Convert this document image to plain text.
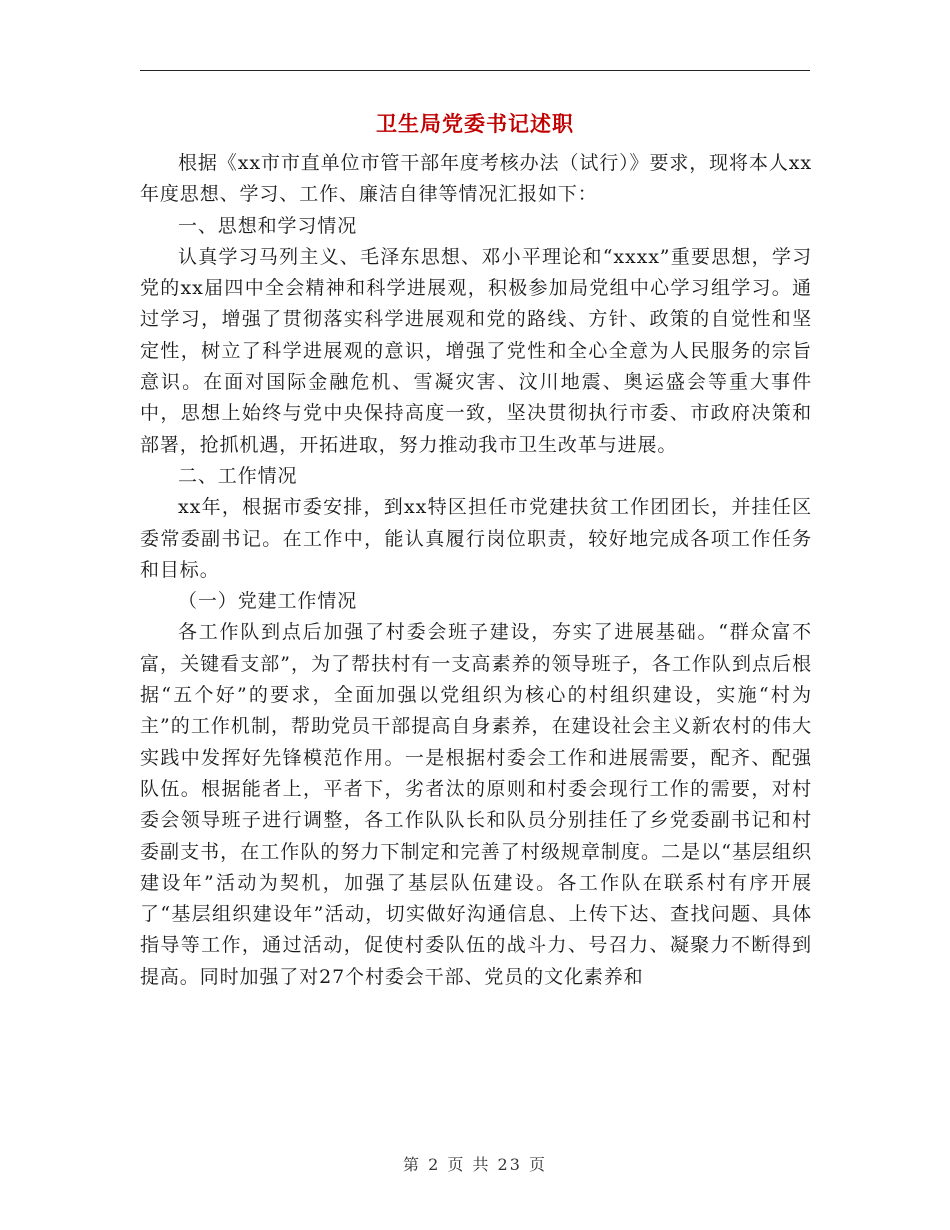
卫生局党委书记述职

根据《xx市市直单位市管干部年度考核办法（试行）》要求，现将本人xx年度思想、学习、工作、廉洁自律等情况汇报如下：

一、思想和学习情况

认真学习马列主义、毛泽东思想、邓小平理论和“xxxx”重要思想，学习党的xx届四中全会精神和科学进展观，积极参加局党组中心学习组学习。通过学习，增强了贯彻落实科学进展观和党的路线、方针、政策的自觉性和坚定性，树立了科学进展观的意识，增强了党性和全心全意为人民服务的宗旨意识。在面对国际金融危机、雪凝灾害、汶川地震、奥运盛会等重大事件中，思想上始终与党中央保持高度一致，坚决贯彻执行市委、市政府决策和部署，抢抓机遇，开拓进取，努力推动我市卫生改革与进展。

二、工作情况

xx年，根据市委安排，到xx特区担任市党建扶贫工作团团长，并挂任区委常委副书记。在工作中，能认真履行岗位职责，较好地完成各项工作任务和目标。

（一）党建工作情况

各工作队到点后加强了村委会班子建设，夯实了进展基础。“群众富不富，关键看支部”，为了帮扶村有一支高素养的领导班子，各工作队到点后根据“五个好”的要求，全面加强以党组织为核心的村组织建设，实施“村为主”的工作机制，帮助党员干部提高自身素养，在建设社会主义新农村的伟大实践中发挥好先锋模范作用。一是根据村委会工作和进展需要，配齐、配强队伍。根据能者上，平者下，劣者汰的原则和村委会现行工作的需要，对村委会领导班子进行调整，各工作队队长和队员分别挂任了乡党委副书记和村委副支书，在工作队的努力下制定和完善了村级规章制度。二是以“基层组织建设年”活动为契机，加强了基层队伍建设。各工作队在联系村有序开展了“基层组织建设年”活动，切实做好沟通信息、上传下达、查找问题、具体指导等工作，通过活动，促使村委队伍的战斗力、号召力、凝聚力不断得到提高。同时加强了对27个村委会干部、党员的文化素养和

第 2 页 共 23 页
